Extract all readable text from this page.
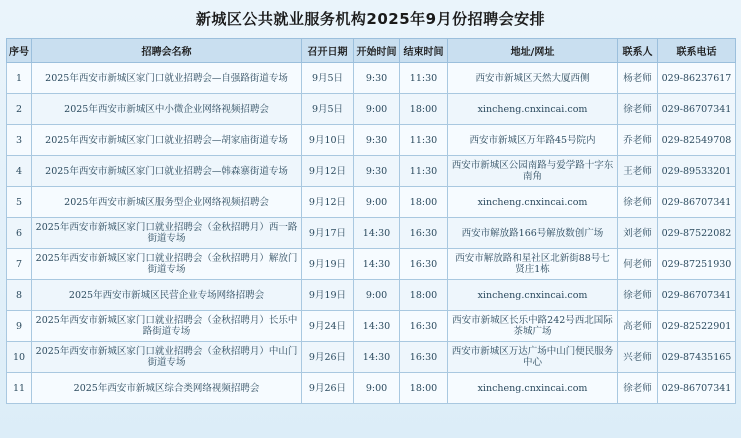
新城区公共就业服务机构2025年9月份招聘会安排
序号	招聘会名称	召开日期	开始时间	结束时间	地址/网址	联系人	联系电话
1	2025年西安市新城区家门口就业招聘会—自强路街道专场	9月5日	9:30	11:30	西安市新城区天然大厦西侧	杨老师	029-86237617
2	2025年西安市新城区中小微企业网络视频招聘会	9月5日	9:00	18:00	xincheng.cnxincai.com	徐老师	029-86707341
3	2025年西安市新城区家门口就业招聘会—胡家庙街道专场	9月10日	9:30	11:30	西安市新城区万年路45号院内	乔老师	029-82549708
4	2025年西安市新城区家门口就业招聘会—韩森寨街道专场	9月12日	9:30	11:30	西安市新城区公园南路与爱学路十字东南角	王老师	029-89533201
5	2025年西安市新城区服务型企业网络视频招聘会	9月12日	9:00	18:00	xincheng.cnxincai.com	徐老师	029-86707341
6	2025年西安市新城区家门口就业招聘会（金秋招聘月）西一路街道专场	9月17日	14:30	16:30	西安市解放路166号解放数创广场	刘老师	029-87522082
7	2025年西安市新城区家门口就业招聘会（金秋招聘月）解放门街道专场	9月19日	14:30	16:30	西安市解放路和星社区北新街88号七贤庄1栋	何老师	029-87251930
8	2025年西安市新城区民营企业专场网络招聘会	9月19日	9:00	18:00	xincheng.cnxincai.com	徐老师	029-86707341
9	2025年西安市新城区家门口就业招聘会（金秋招聘月）长乐中路街道专场	9月24日	14:30	16:30	西安市新城区长乐中路242号西北国际茶城广场	高老师	029-82522901
10	2025年西安市新城区家门口就业招聘会（金秋招聘月）中山门街道专场	9月26日	14:30	16:30	西安市新城区万达广场中山门便民服务中心	兴老师	029-87435165
11	2025年西安市新城区综合类网络视频招聘会	9月26日	9:00	18:00	xincheng.cnxincai.com	徐老师	029-86707341
